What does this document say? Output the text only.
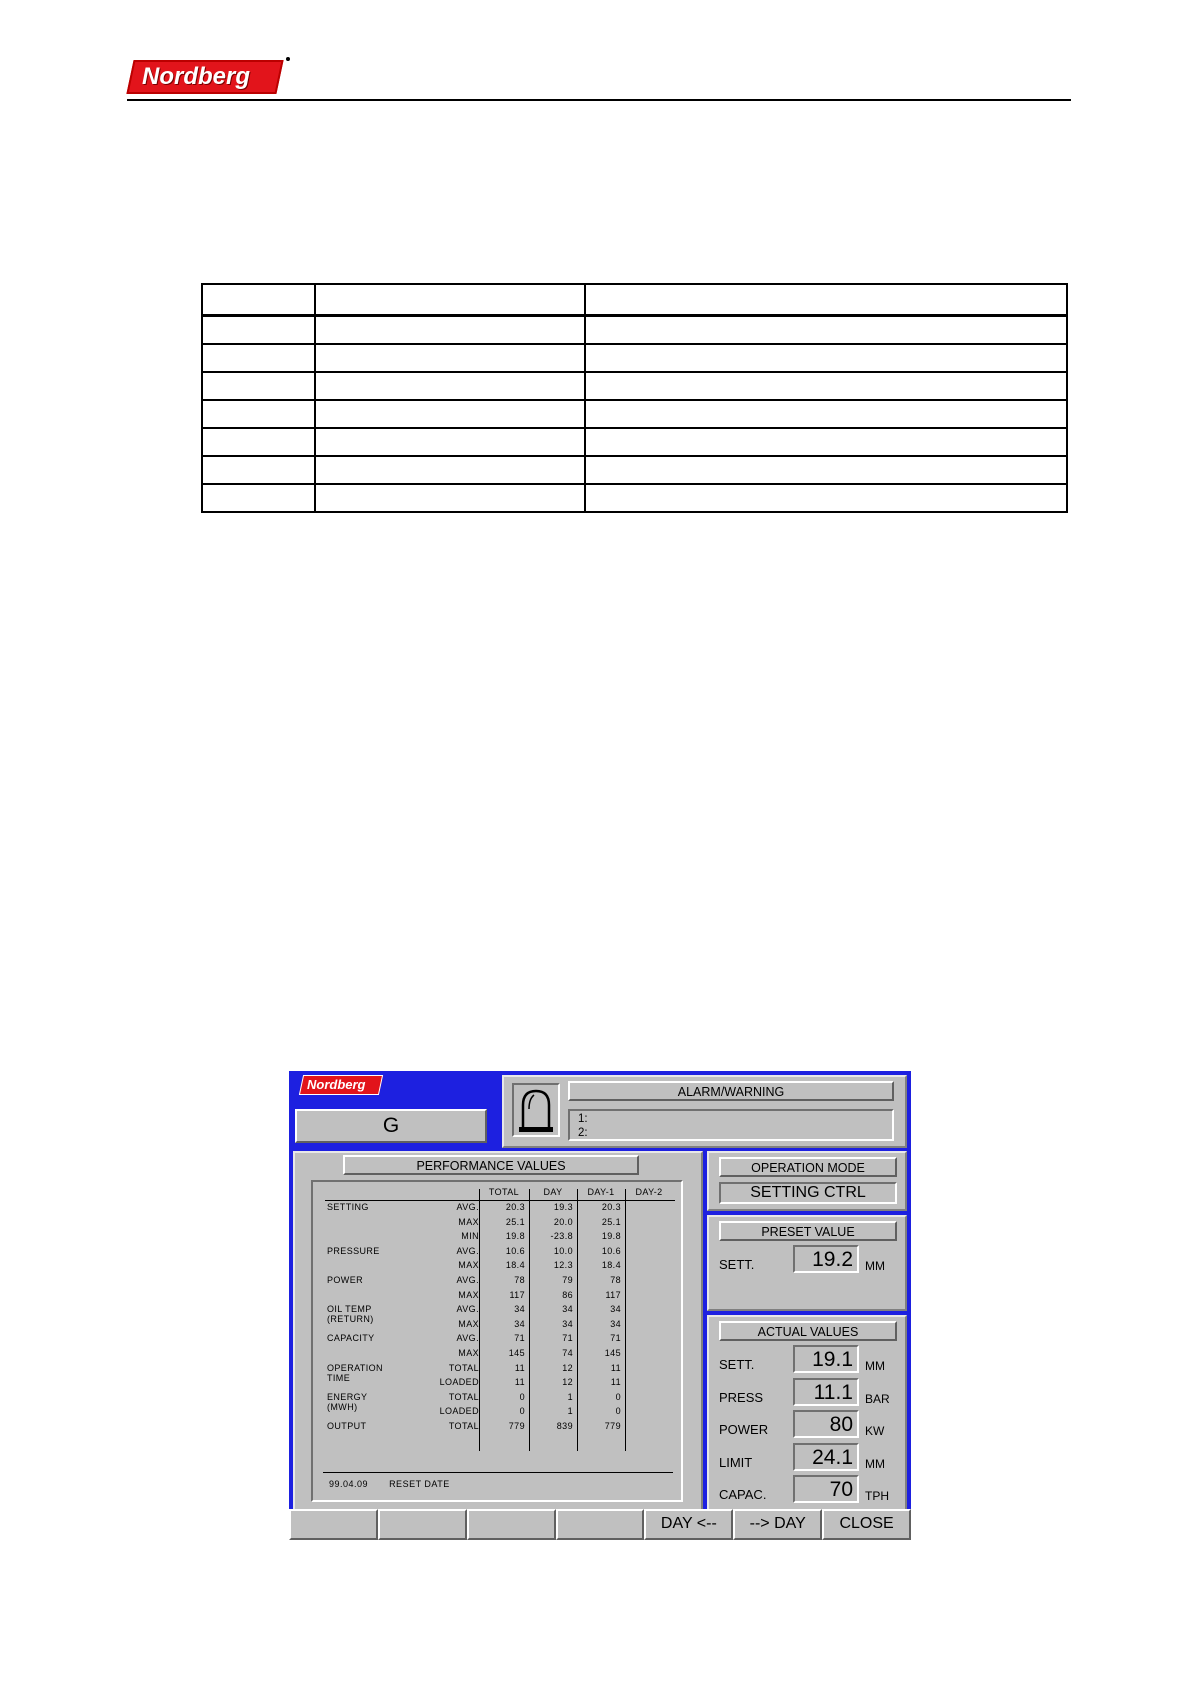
Nordberg

Nordberg
G
ALARM/WARNING
1:
2:
PERFORMANCE VALUES
TOTAL	DAY	DAY-1	DAY-2
SETTING	AVG.	20.3	19.3	20.3
MAX	25.1	20.0	25.1
MIN	19.8	-23.8	19.8
PRESSURE	AVG.	10.6	10.0	10.6
MAX	18.4	12.3	18.4
POWER	AVG.	78	79	78
MAX	117	86	117
OIL TEMP (RETURN)
AVG.	34	34	34
MAX	34	34	34
CAPACITY	AVG.	71	71	71
MAX	145	74	145
OPERATION TIME
TOTAL	11	12	11
LOADED	11	12	11
ENERGY (MWH)
TOTAL	0	1	0
LOADED	0	1	0
OUTPUT	TOTAL	779	839	779
99.04.09 RESET DATE
OPERATION MODE
SETTING CTRL
PRESET VALUE
SETT.	19.2	MM
ACTUAL VALUES
SETT.	19.1	MM
PRESS	11.1	BAR
POWER	80	KW
LIMIT	24.1	MM
CAPAC.	70	TPH
DAY <--	--> DAY	CLOSE
